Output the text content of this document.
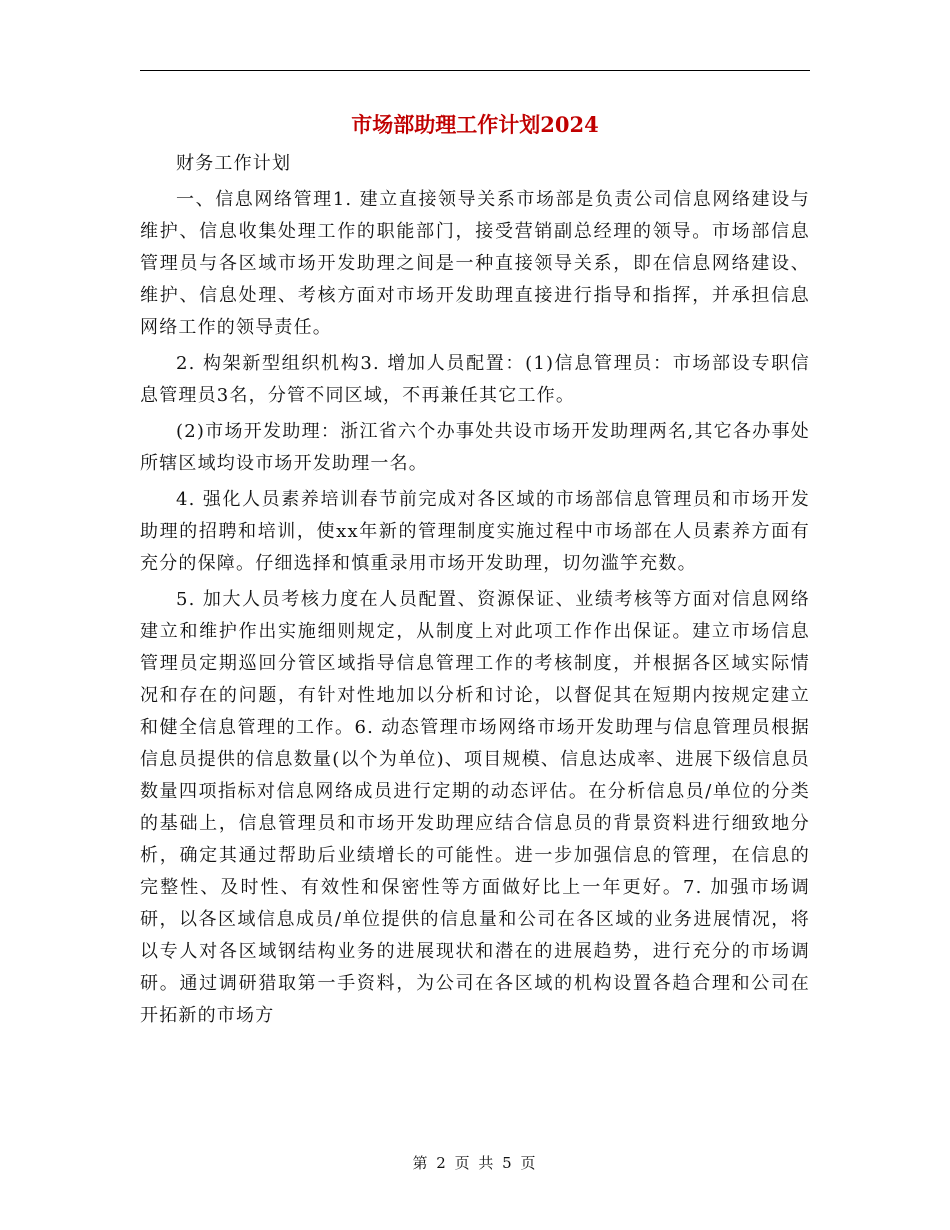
市场部助理工作计划2024

财务工作计划

一、信息网络管理1. 建立直接领导关系市场部是负责公司信息网络建设与维护、信息收集处理工作的职能部门，接受营销副总经理的领导。市场部信息管理员与各区域市场开发助理之间是一种直接领导关系，即在信息网络建设、维护、信息处理、考核方面对市场开发助理直接进行指导和指挥，并承担信息网络工作的领导责任。

2. 构架新型组织机构3. 增加人员配置：(1)信息管理员：市场部设专职信息管理员3名，分管不同区域，不再兼任其它工作。

(2)市场开发助理：浙江省六个办事处共设市场开发助理两名,其它各办事处所辖区域均设市场开发助理一名。

4. 强化人员素养培训春节前完成对各区域的市场部信息管理员和市场开发助理的招聘和培训，使xx年新的管理制度实施过程中市场部在人员素养方面有充分的保障。仔细选择和慎重录用市场开发助理，切勿滥竽充数。

5. 加大人员考核力度在人员配置、资源保证、业绩考核等方面对信息网络建立和维护作出实施细则规定，从制度上对此项工作作出保证。建立市场信息管理员定期巡回分管区域指导信息管理工作的考核制度，并根据各区域实际情况和存在的问题，有针对性地加以分析和讨论，以督促其在短期内按规定建立和健全信息管理的工作。6. 动态管理市场网络市场开发助理与信息管理员根据信息员提供的信息数量(以个为单位)、项目规模、信息达成率、进展下级信息员数量四项指标对信息网络成员进行定期的动态评估。在分析信息员/单位的分类的基础上，信息管理员和市场开发助理应结合信息员的背景资料进行细致地分析，确定其通过帮助后业绩增长的可能性。进一步加强信息的管理，在信息的完整性、及时性、有效性和保密性等方面做好比上一年更好。7. 加强市场调研，以各区域信息成员/单位提供的信息量和公司在各区域的业务进展情况，将以专人对各区域钢结构业务的进展现状和潜在的进展趋势，进行充分的市场调研。通过调研猎取第一手资料，为公司在各区域的机构设置各趋合理和公司在开拓新的市场方

第 2 页 共 5 页
